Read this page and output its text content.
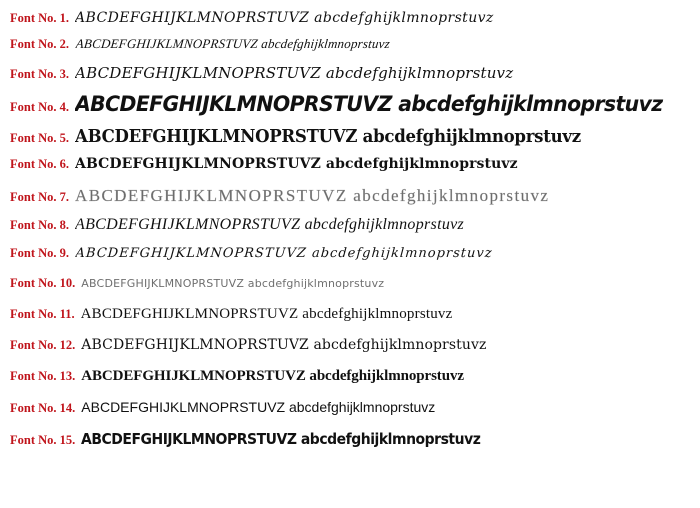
Font No. 1. ABCDEFGHIJKLMNOPRSTUVZ abcdefghijklmnoprstuvz
Font No. 2. ABCDEFGHIJKLMNOPRSTUVZ abcdefghijklmnoprstuvz
Font No. 3. ABCDEFGHIJKLMNOPRSTUVZ abcdefghijklmnoprstuvz
Font No. 4. ABCDEFGHIJKLMNOPRSTUVZ abcdefghijklmnoprstuvz
Font No. 5. ABCDEFGHIJKLMNOPRSTUVZ abcdefghijklmnoprstuvz
Font No. 6. ABCDEFGHIJKLMNOPRSTUVZ abcdefghijklmnoprstuvz
Font No. 7. ABCDEFGHIJKLMNOPRSTUVZ abcdefghijklmnoprstuvz
Font No. 8. ABCDEFGHIJKLMNOPRSTUVZ abcdefghijklmnoprstuvz
Font No. 9. ABCDEFGHIJKLMNOPRSTUVZ abcdefghijklmnoprstuvz
Font No. 10. ABCDEFGHIJKLMNOPRSTUVZ abcdefghijklmnoprstuvz
Font No. 11. ABCDEFGHIJKLMNOPRSTUVZ abcdefghijklmnoprstuvz
Font No. 12. ABCDEFGHIJKLMNOPRSTUVZ abcdefghijklmnoprstuvz
Font No. 13. ABCDEFGHIJKLMNOPRSTUVZ abcdefghijklmnoprstuvz
Font No. 14. ABCDEFGHIJKLMNOPRSTUVZ abcdefghijklmnoprstuvz
Font No. 15. ABCDEFGHIJKLMNOPRSTUVZ abcdefghijklmnoprstuvz
